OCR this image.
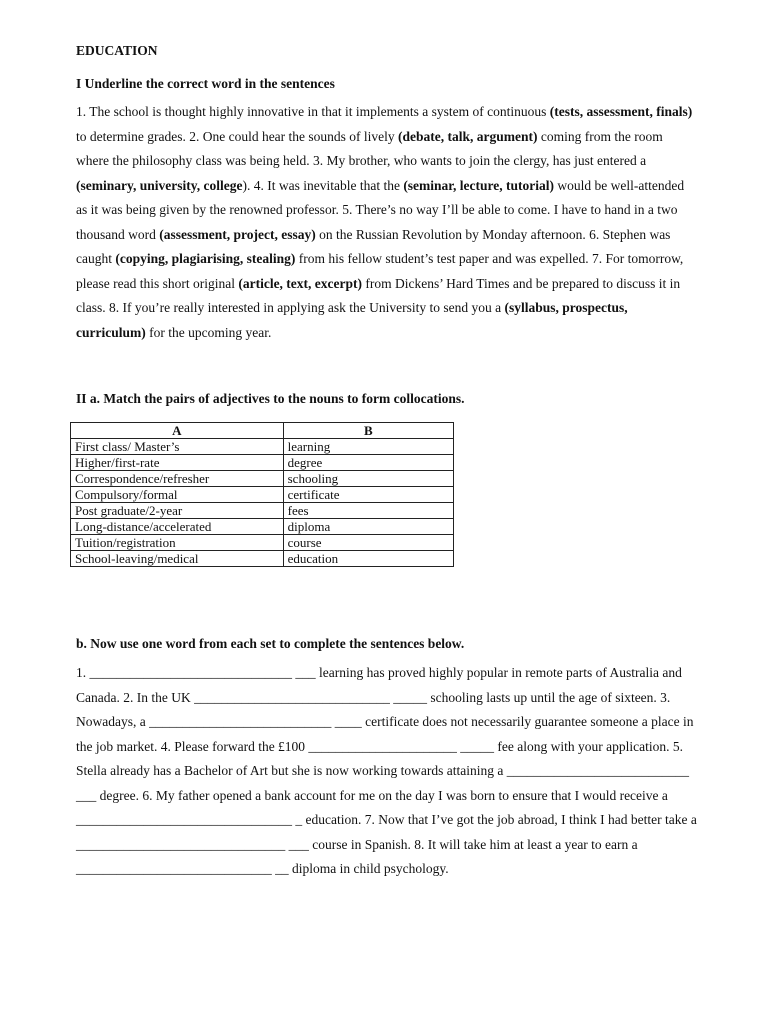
EDUCATION
I Underline the correct word in the sentences

1. The school is thought highly innovative in that it implements a system of continuous (tests, assessment, finals) to determine grades. 2. One could hear the sounds of lively (debate, talk, argument) coming from the room where the philosophy class was being held. 3. My brother, who wants to join the clergy, has just entered a (seminary, university, college). 4. It was inevitable that the (seminar, lecture, tutorial) would be well-attended as it was being given by the renowned professor. 5. There’s no way I’ll be able to come. I have to hand in a two thousand word (assessment, project, essay) on the Russian Revolution by Monday afternoon. 6. Stephen was caught (copying, plagiarising, stealing) from his fellow student’s test paper and was expelled. 7. For tomorrow, please read this short original (article, text, excerpt) from Dickens’ Hard Times and be prepared to discuss it in class. 8. If you’re really interested in applying ask the University to send you a (syllabus, prospectus, curriculum) for the upcoming year.

II a. Match the pairs of adjectives to the nouns to form collocations.
A	B
First class/ Master’s	learning
Higher/first-rate	degree
Correspondence/refresher	schooling
Compulsory/formal	certificate
Post graduate/2-year	fees
Long-distance/accelerated	diploma
Tuition/registration	course
School-leaving/medical	education
b. Now use one word from each set to complete the sentences below.

1. ______________________________ ___ learning has proved highly popular in remote parts of Australia and Canada. 2. In the UK _____________________________ _____ schooling lasts up until the age of sixteen. 3. Nowadays, a ___________________________ ____ certificate does not necessarily guarantee someone a place in the job market. 4. Please forward the £100 ______________________ _____ fee along with your application. 5. Stella already has a Bachelor of Art but she is now working towards attaining a ___________________________ ___ degree. 6. My father opened a bank account for me on the day I was born to ensure that I would receive a ________________________________ _ education. 7. Now that I’ve got the job abroad, I think I had better take a _______________________________ ___ course in Spanish. 8. It will take him at least a year to earn a _____________________________ __ diploma in child psychology.
